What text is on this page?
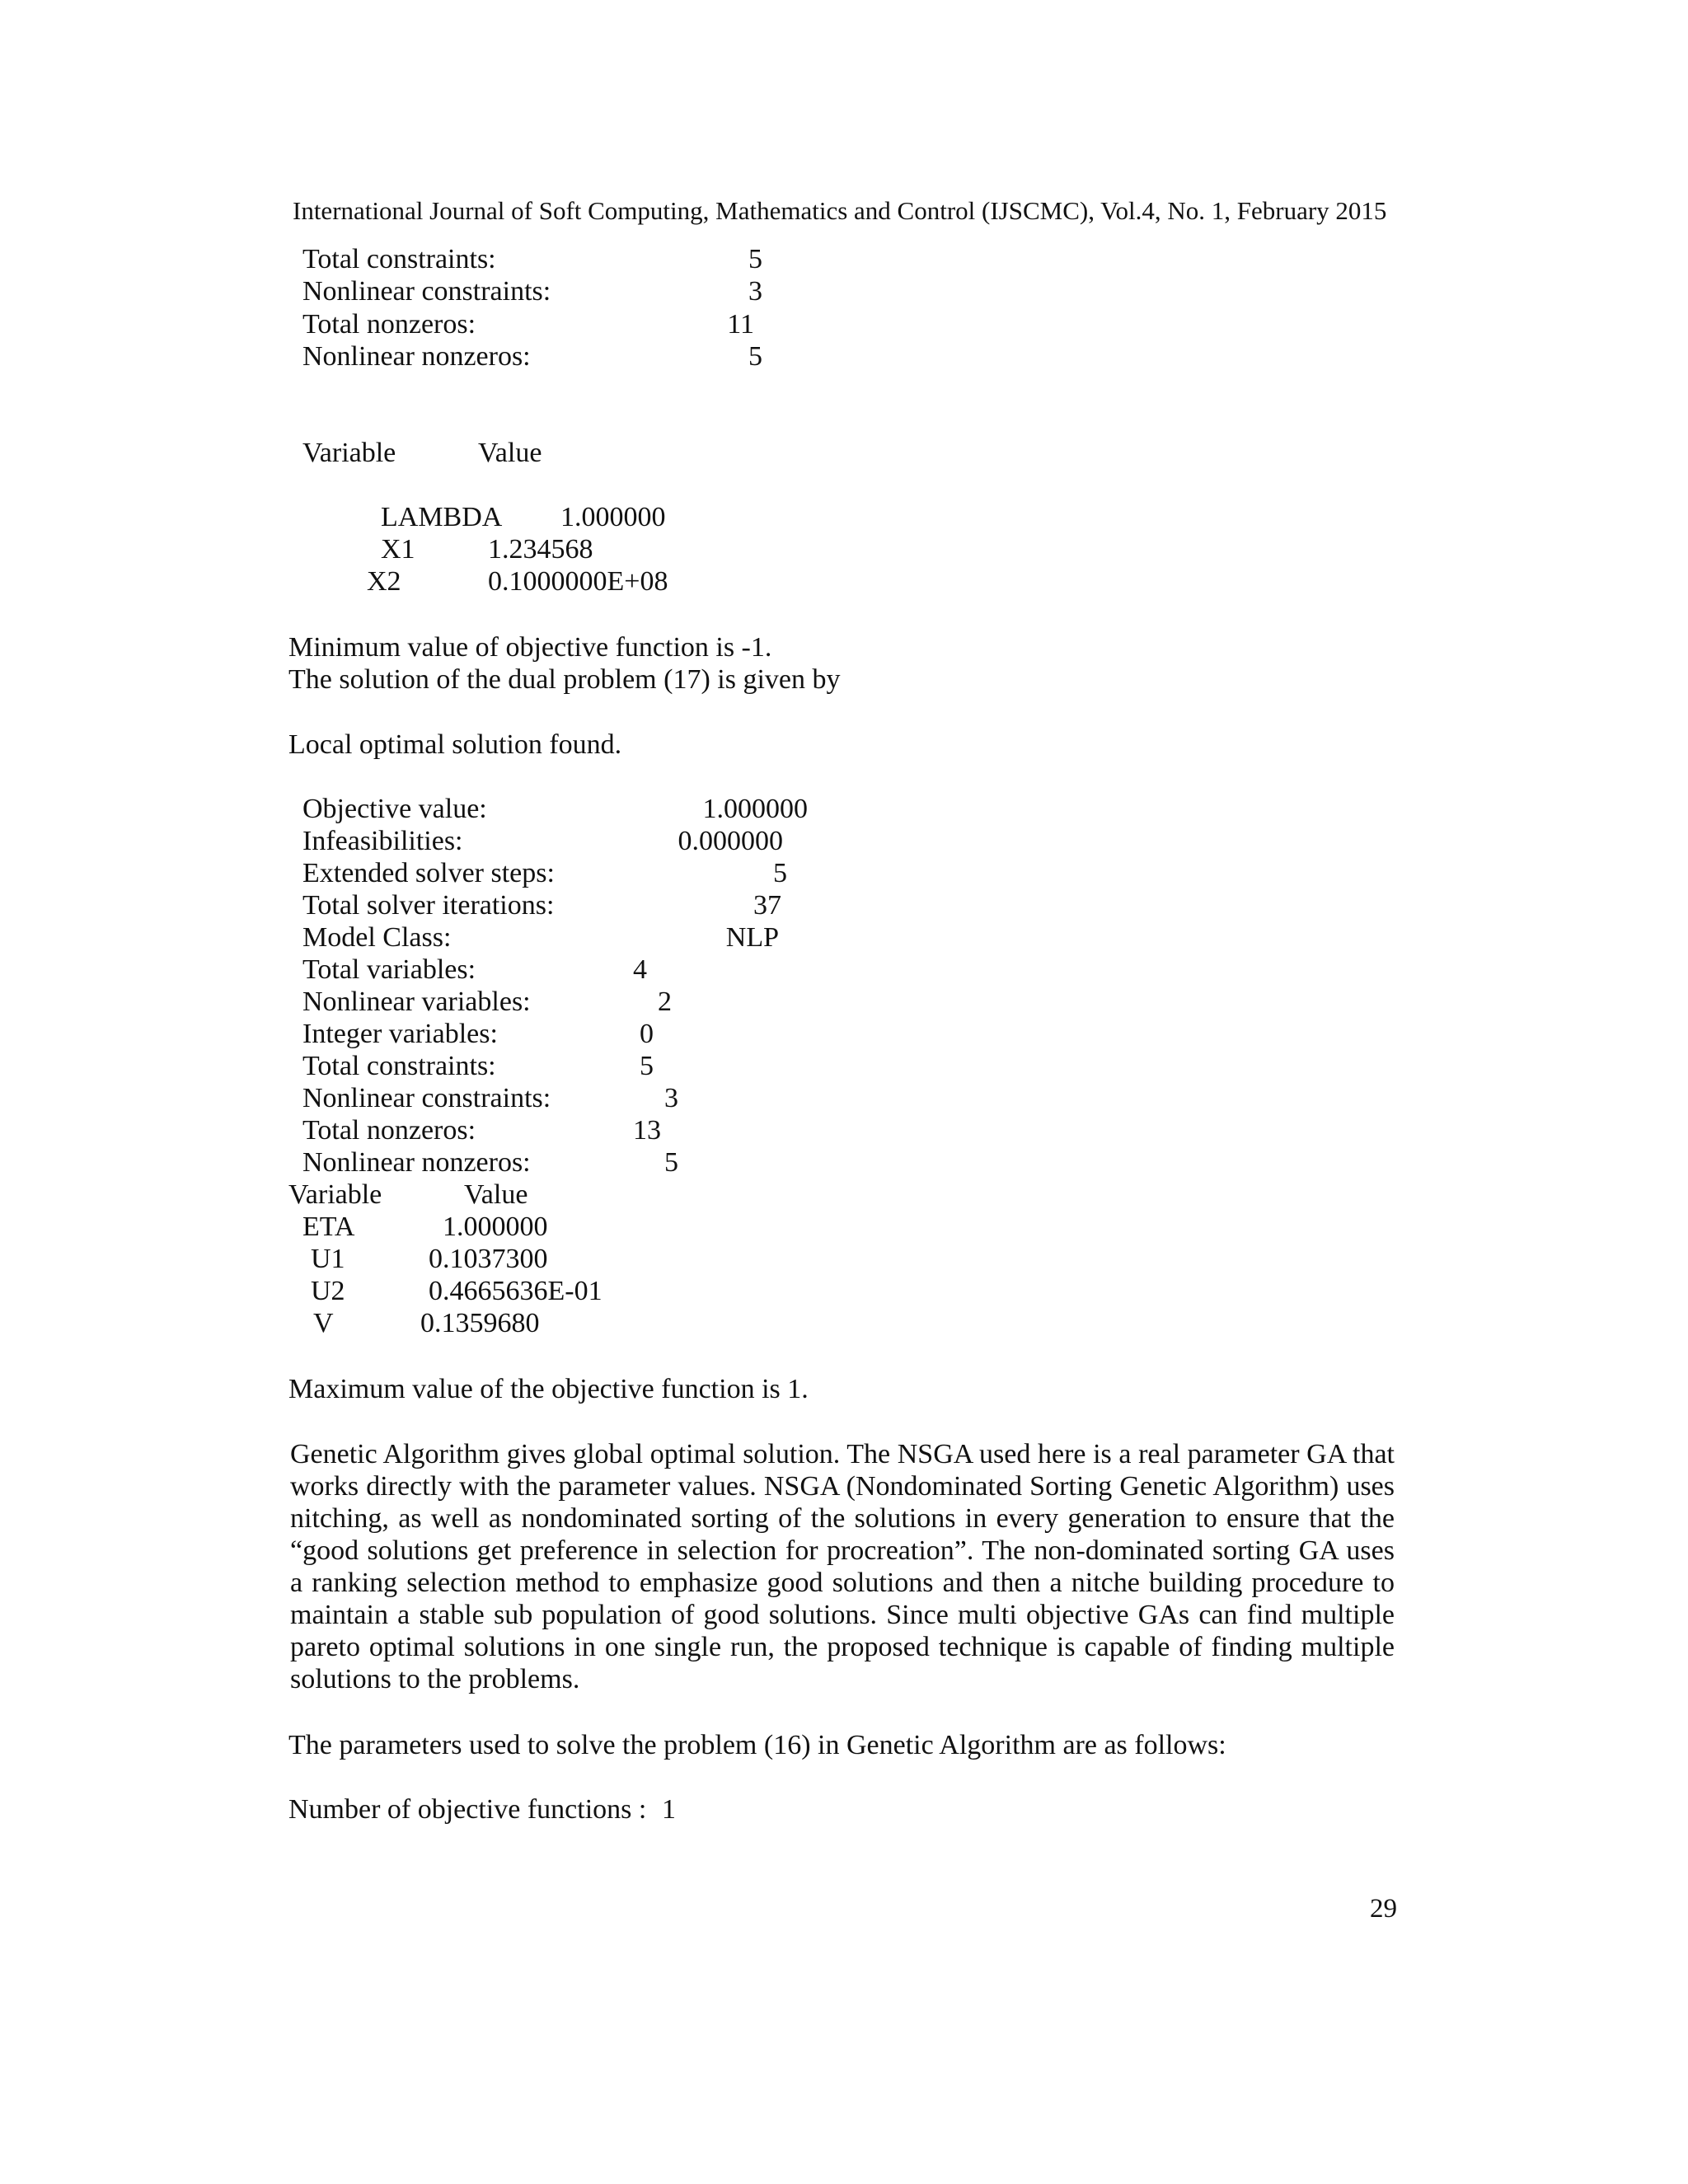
International Journal of Soft Computing, Mathematics and Control (IJSCMC), Vol.4, No. 1, February 2015
Total constraints:	5
Nonlinear constraints:	3
Total nonzeros:	11
Nonlinear nonzeros:	5
Variable	Value
LAMBDA 1.000000
X1	1.234568
X2	0.1000000E+08
Minimum value of objective function is -1.
The solution of the dual problem (17) is given by
Local optimal solution found.
Objective value:	1.000000
Infeasibilities:	0.000000
Extended solver steps:	5
Total solver iterations:	37
Model Class:	NLP
Total variables:	4
Nonlinear variables:	2
Integer variables:	0
Total constraints:	5
Nonlinear constraints:	3
Total nonzeros:	13
Nonlinear nonzeros:	5
Variable	Value
ETA	1.000000
U1	0.1037300
U2	0.4665636E-01
V	0.1359680
Maximum value of the objective function is 1.
Genetic Algorithm gives global optimal solution. The NSGA used here is a real parameter GA that works directly with the parameter values. NSGA (Nondominated Sorting Genetic Algorithm) uses nitching, as well as nondominated sorting of the solutions in every generation to ensure that the “good solutions get preference in selection for procreation”. The non-dominated sorting GA uses a ranking selection method to emphasize good solutions and then a nitche building procedure to maintain a stable sub population of good solutions. Since multi objective GAs can find multiple pareto optimal solutions in one single run, the proposed technique is capable of finding multiple solutions to the problems.
The parameters used to solve the problem (16) in Genetic Algorithm are as follows:
Number of objective functions : 1
29
